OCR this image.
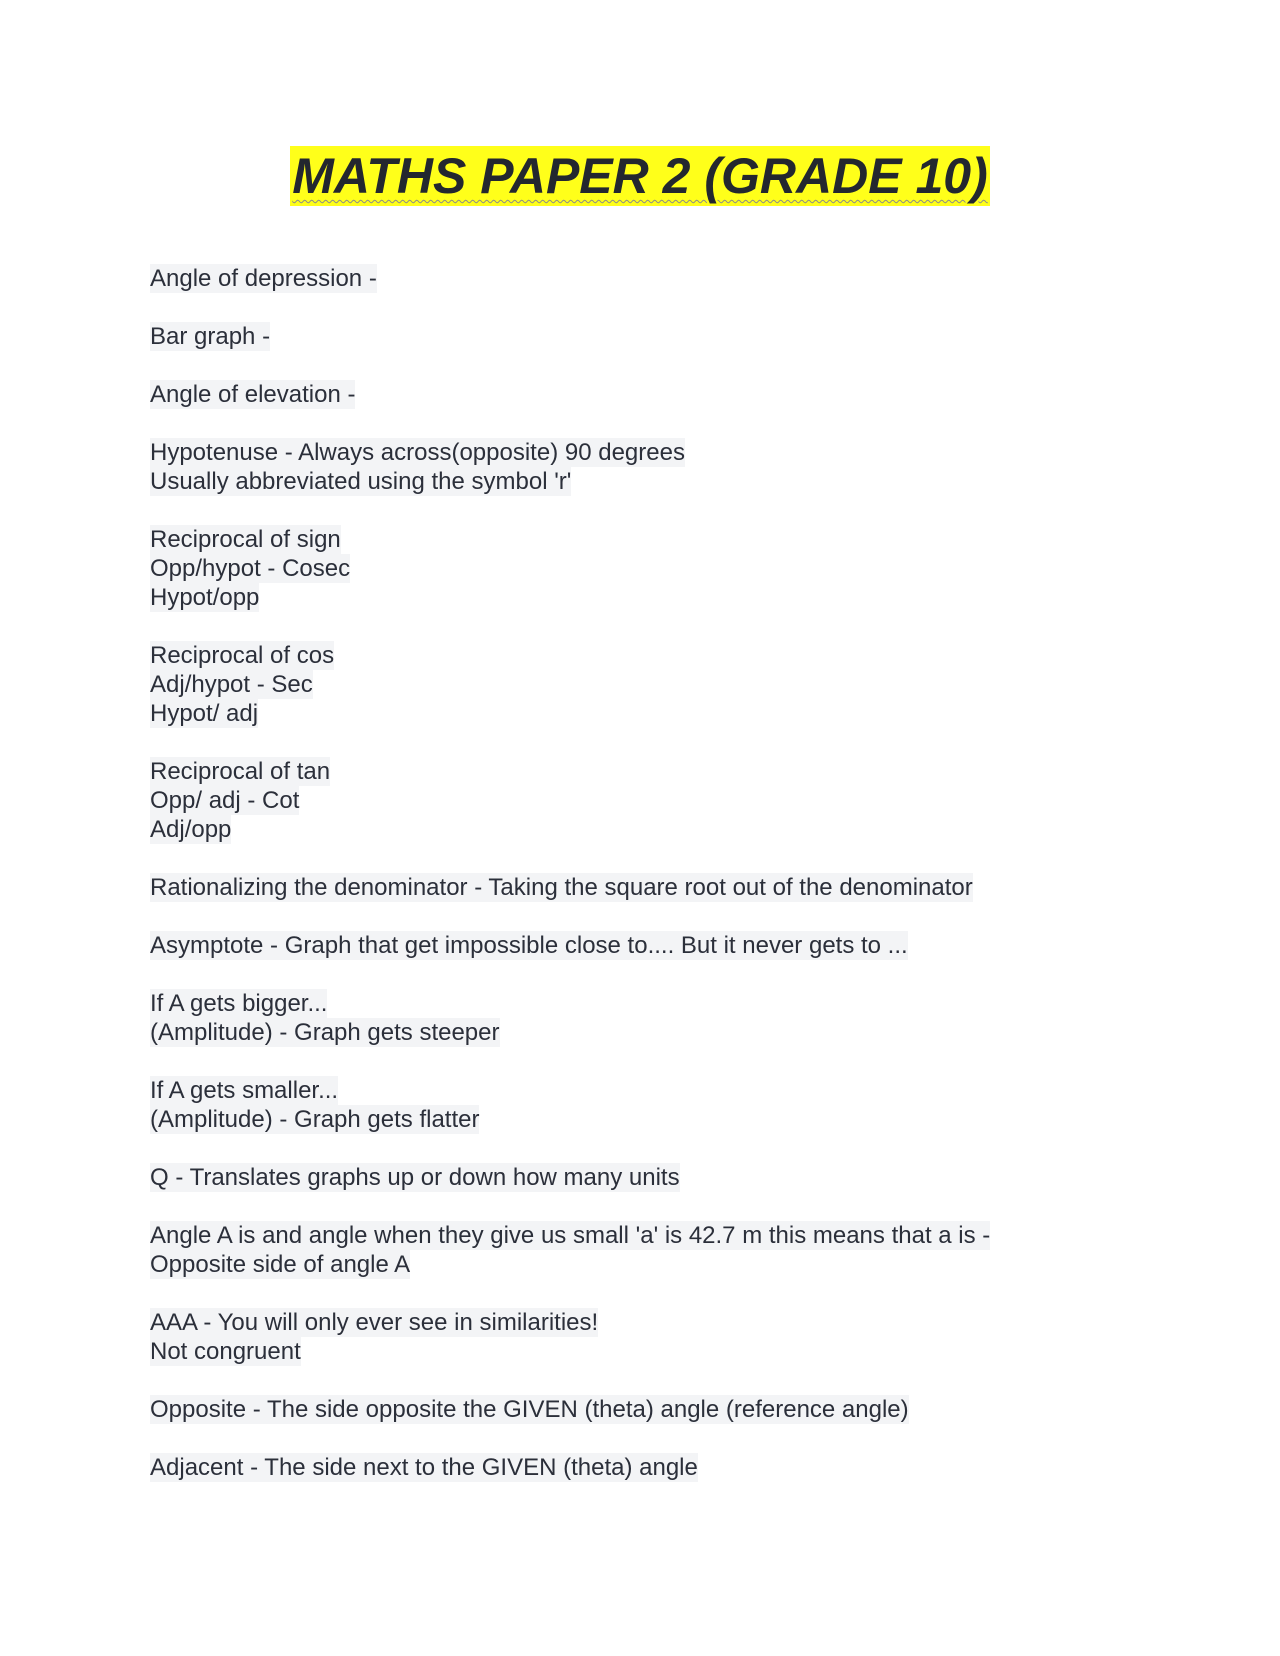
MATHS PAPER 2 (GRADE 10)
Angle of depression -
Bar graph -
Angle of elevation -
Hypotenuse - Always across(opposite) 90 degrees
Usually abbreviated using the symbol 'r'
Reciprocal of sign
Opp/hypot - Cosec
Hypot/opp
Reciprocal of cos
Adj/hypot - Sec
Hypot/ adj
Reciprocal of tan
Opp/ adj - Cot
Adj/opp
Rationalizing the denominator - Taking the square root out of the denominator
Asymptote - Graph that get impossible close to.... But it never gets to ...
If A gets bigger...
(Amplitude) - Graph gets steeper
If A gets smaller...
(Amplitude) - Graph gets flatter
Q - Translates graphs up or down how many units
Angle A is and angle when they give us small 'a' is 42.7 m this means that a is -
Opposite side of angle A
AAA - You will only ever see in similarities!
Not congruent
Opposite - The side opposite the GIVEN (theta) angle (reference angle)
Adjacent - The side next to the GIVEN (theta) angle
